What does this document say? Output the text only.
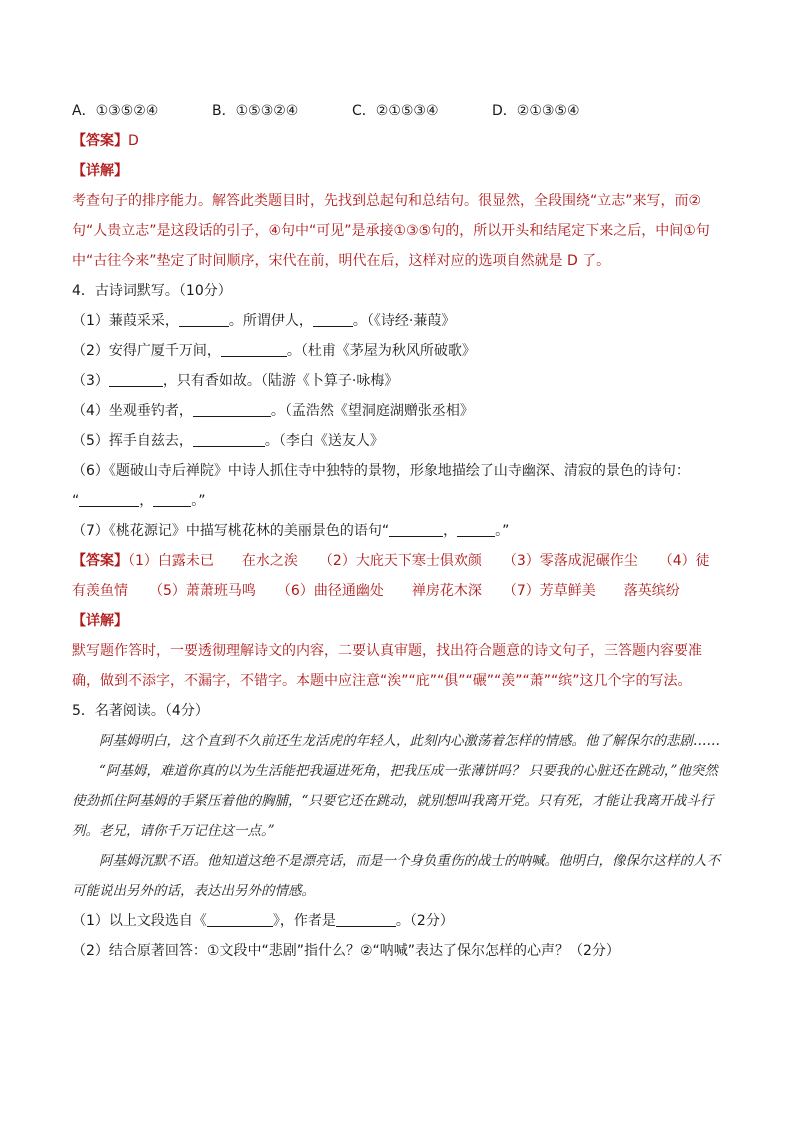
A．①③⑤②④	B．①⑤③②④	C．②①⑤③④	D．②①③⑤④
【答案】D
【详解】
考查句子的排序能力。解答此类题目时，先找到总起句和总结句。很显然，全段围绕“立志”来写，而②句“人贵立志”是这段话的引子，④句中“可见”是承接①③⑤句的，所以开头和结尾定下来之后，中间①句中“古往今来”垫定了时间顺序，宋代在前，明代在后，这样对应的选项自然就是 D 了。
4．古诗词默写。（10分）
（1）蒹葭采采，	。所谓伊人，	。（《诗经·蒹葭》
（2）安得广厦千万间，	。（杜甫《茅屋为秋风所破歌》
（3）	，只有香如故。（陆游《卜算子·咏梅》
（4）坐观垂钓者，	。（孟浩然《望洞庭湖赠张丞相》
（5）挥手自兹去，	。（李白《送友人》
（6）《题破山寺后禅院》中诗人抓住寺中独特的景物，形象地描绘了山寺幽深、清寂的景色的诗句：
“	，	。”
（7）《桃花源记》中描写桃花林的美丽景色的语句“	，	。”
【答案】（1）白露未已　　在水之涘　　（2）大庇天下寒士俱欢颜　　（3）零落成泥碾作尘　　（4）徒
有羡鱼情　　（5）萧萧班马鸣　　（6）曲径通幽处　　禅房花木深　　（7）芳草鲜美　　落英缤纷
【详解】
默写题作答时，一要透彻理解诗文的内容，二要认真审题，找出符合题意的诗文句子，三答题内容要准确，做到不添字，不漏字，不错字。本题中应注意“涘”“庇”“俱”“碾”“羡”“萧”“缤”这几个字的写法。
5．名著阅读。（4分）
阿基姆明白，这个直到不久前还生龙活虎的年轻人，此刻内心激荡着怎样的情感。他了解保尔的悲剧……
“阿基姆，难道你真的以为生活能把我逼进死角，把我压成一张薄饼吗？ 只要我的心脏还在跳动，”他突然使劲抓住阿基姆的手紧压着他的胸脯，“只要它还在跳动，就别想叫我离开党。只有死，才能让我离开战斗行列。老兄，请你千万记住这一点。”
阿基姆沉默不语。他知道这绝不是漂亮话，而是一个身负重伤的战士的呐喊。他明白，像保尔这样的人不可能说出另外的话，表达出另外的情感。
（1）以上文段选自《	》，作者是	。（2分）
（2）结合原著回答：①文段中“悲剧”指什么？②“呐喊”表达了保尔怎样的心声？（2分）
